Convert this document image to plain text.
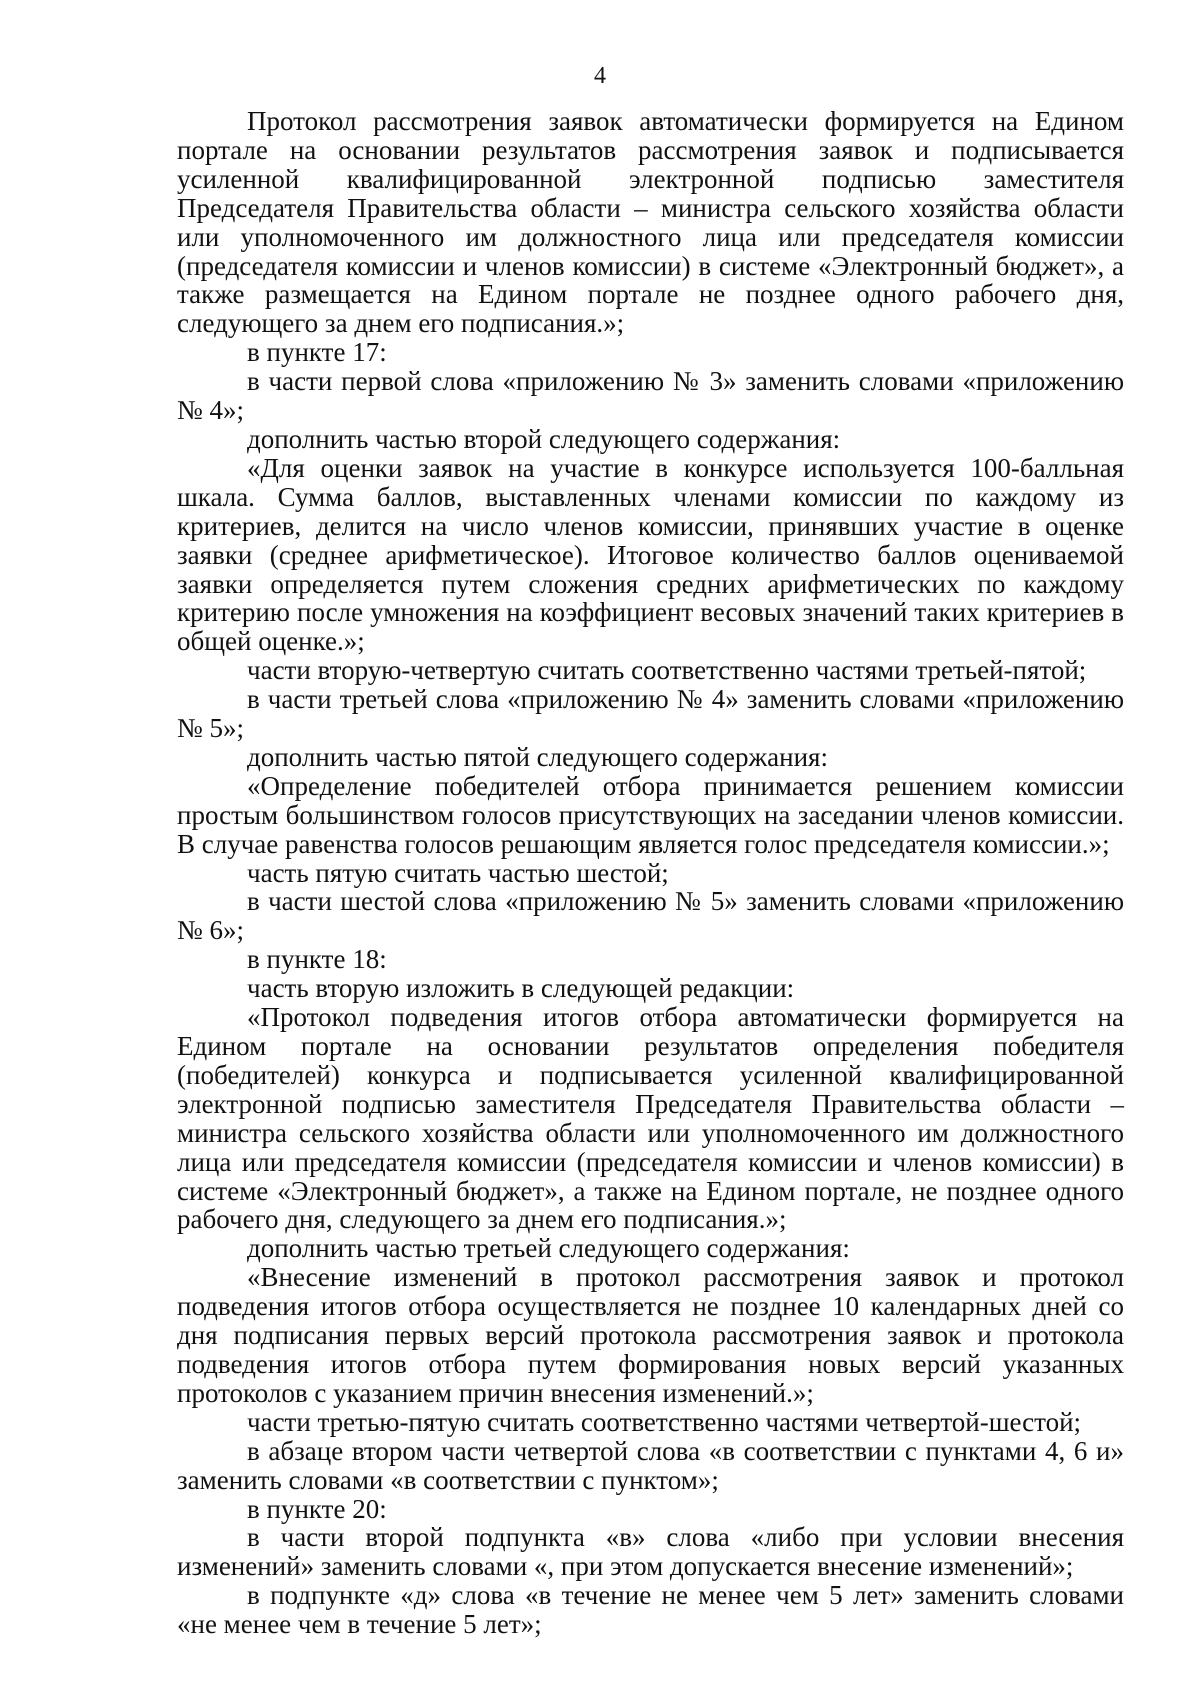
4

Протокол рассмотрения заявок автоматически формируется на Едином портале на основании результатов рассмотрения заявок и подписывается усиленной квалифицированной электронной подписью заместителя Председателя Правительства области – министра сельского хозяйства области или уполномоченного им должностного лица или председателя комиссии (председателя комиссии и членов комиссии) в системе «Электронный бюджет», а также размещается на Едином портале не позднее одного рабочего дня, следующего за днем его подписания.»;

в пункте 17:

в части первой слова «приложению № 3» заменить словами «приложению № 4»;

дополнить частью второй следующего содержания:

«Для оценки заявок на участие в конкурсе используется 100-балльная шкала. Сумма баллов, выставленных членами комиссии по каждому из критериев, делится на число членов комиссии, принявших участие в оценке заявки (среднее арифметическое). Итоговое количество баллов оцениваемой заявки определяется путем сложения средних арифметических по каждому критерию после умножения на коэффициент весовых значений таких критериев в общей оценке.»;

части вторую-четвертую считать соответственно частями третьей-пятой;

в части третьей слова «приложению № 4» заменить словами «приложению № 5»;

дополнить частью пятой следующего содержания:

«Определение победителей отбора принимается решением комиссии простым большинством голосов присутствующих на заседании членов комиссии. В случае равенства голосов решающим является голос председателя комиссии.»;

часть пятую считать частью шестой;

в части шестой слова «приложению № 5» заменить словами «приложению № 6»;

в пункте 18:

часть вторую изложить в следующей редакции:

«Протокол подведения итогов отбора автоматически формируется на Едином портале на основании результатов определения победителя (победителей) конкурса и подписывается усиленной квалифицированной электронной подписью заместителя Председателя Правительства области – министра сельского хозяйства области или уполномоченного им должностного лица или председателя комиссии (председателя комиссии и членов комиссии) в системе «Электронный бюджет», а также на Едином портале, не позднее одного рабочего дня, следующего за днем его подписания.»;

дополнить частью третьей следующего содержания:

«Внесение изменений в протокол рассмотрения заявок и протокол подведения итогов отбора осуществляется не позднее 10 календарных дней со дня подписания первых версий протокола рассмотрения заявок и протокола подведения итогов отбора путем формирования новых версий указанных протоколов с указанием причин внесения изменений.»;

части третью-пятую считать соответственно частями четвертой-шестой;

в абзаце втором части четвертой слова «в соответствии с пунктами 4, 6 и» заменить словами «в соответствии с пунктом»;

в пункте 20:

в части второй подпункта «в» слова «либо при условии внесения изменений» заменить словами «, при этом допускается внесение изменений»;

в подпункте «д» слова «в течение не менее чем 5 лет» заменить словами «не менее чем в течение 5 лет»;
